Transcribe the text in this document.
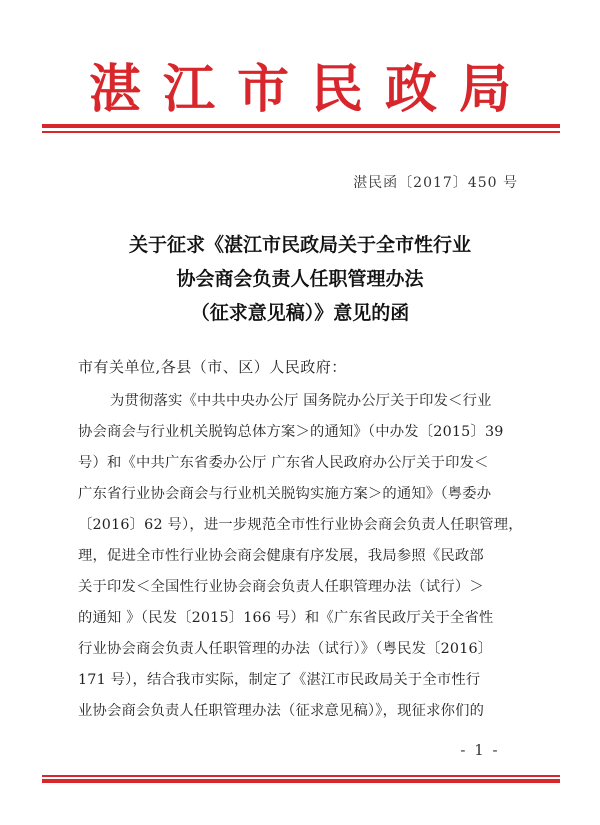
湛江市民政局
湛民函〔2017〕450 号
关于征求《湛江市民政局关于全市性行业
协会商会负责人任职管理办法
（征求意见稿）》意见的函
市有关单位,各县（市、区）人民政府：
为贯彻落实《中共中央办公厅 国务院办公厅关于印发＜行业
协会商会与行业机关脱钩总体方案＞的通知》（中办发〔2015〕39
号）和《中共广东省委办公厅 广东省人民政府办公厅关于印发＜
广东省行业协会商会与行业机关脱钩实施方案＞的通知》（粤委办
〔2016〕62 号），进一步规范全市性行业协会商会负责人任职管理，
理，促进全市性行业协会商会健康有序发展，我局参照《民政部
关于印发＜全国性行业协会商会负责人任职管理办法（试行）＞
的通知 》（民发〔2015〕166 号）和《广东省民政厅关于全省性
行业协会商会负责人任职管理的办法（试行）》（粤民发〔2016〕
171 号），结合我市实际，制定了《湛江市民政局关于全市性行
业协会商会负责人任职管理办法（征求意见稿）》，现征求你们的
- 1 -
